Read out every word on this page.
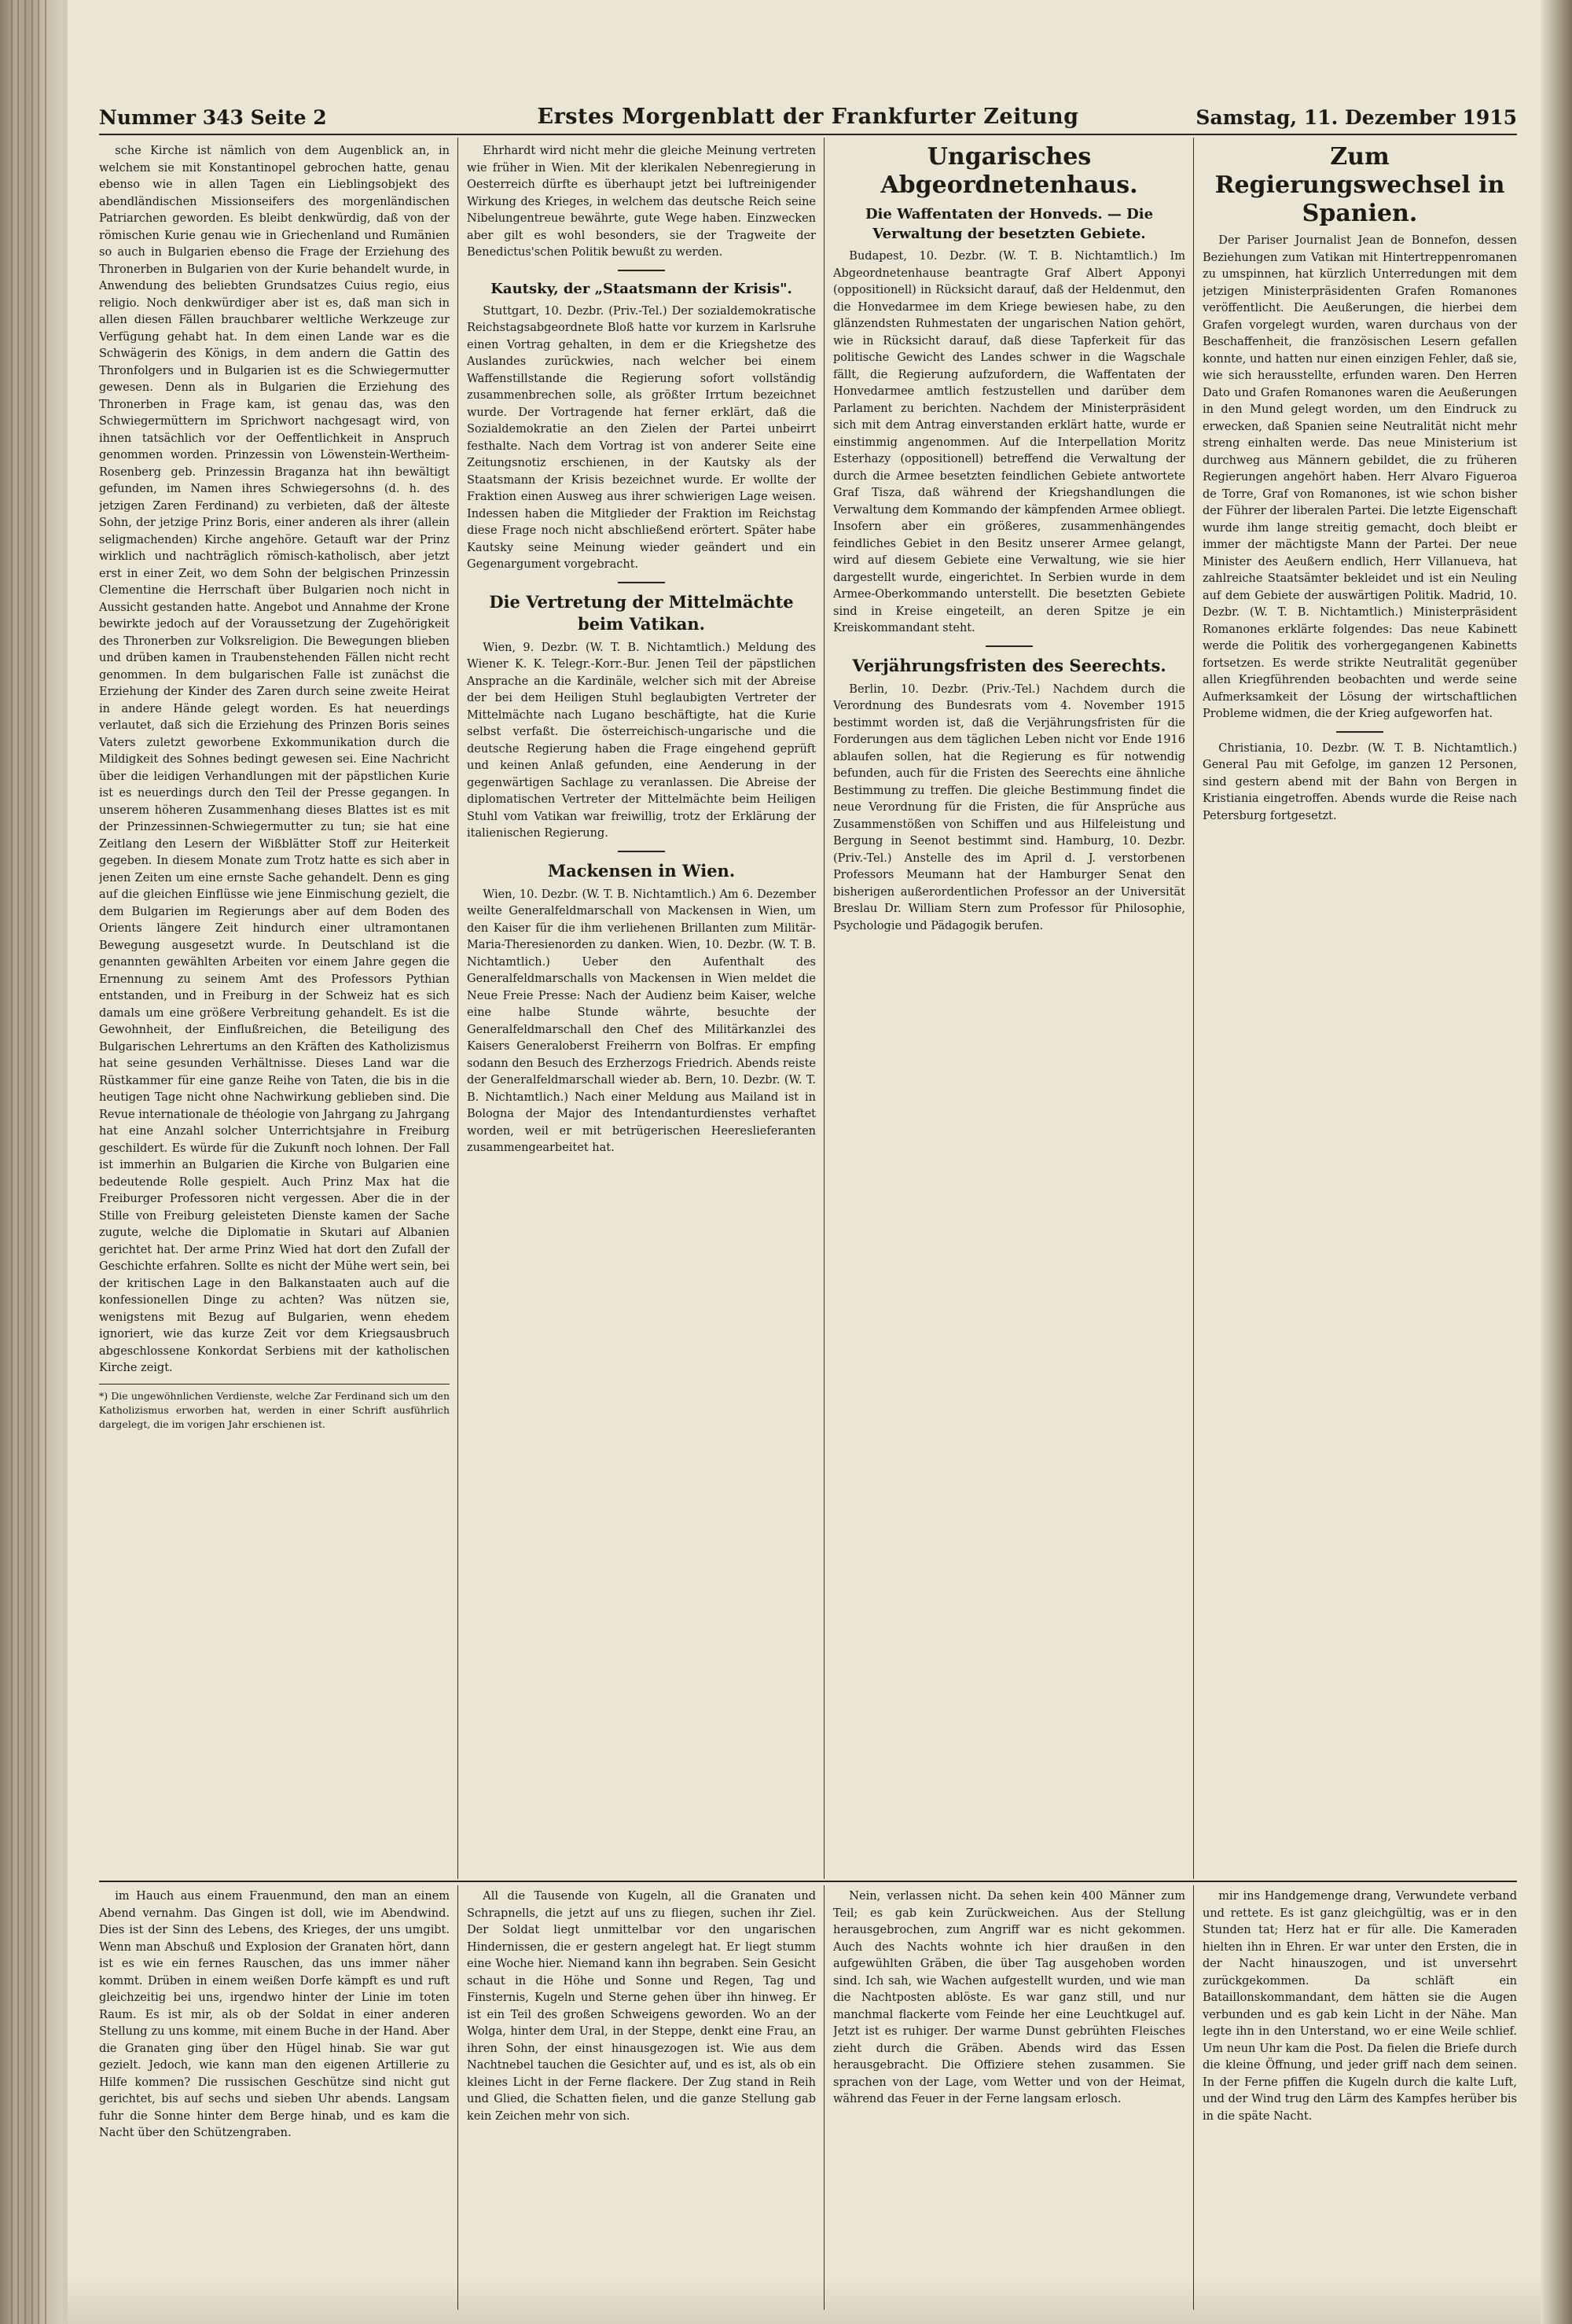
Nummer 343 Seite 2	Erstes Morgenblatt der Frankfurter Zeitung	Samstag, 11. Dezember 1915

sche Kirche ist nämlich von dem Augenblick an, in welchem sie mit Konstantinopel gebrochen hatte, genau ebenso wie in allen Tagen ein Lieblingsobjekt des abendländischen Missionseifers des morgenländischen Patriarchen geworden. Es bleibt denkwürdig, daß von der römischen Kurie genau wie in Griechenland und Rumänien so auch in Bulgarien ebenso die Frage der Erziehung des Thronerben in Bulgarien von der Kurie behandelt wurde, in Anwendung des beliebten Grundsatzes Cuius regio, eius religio. Noch denkwürdiger aber ist es, daß man sich in allen diesen Fällen brauchbarer weltliche Werkzeuge zur Verfügung gehabt hat. In dem einen Lande war es die Schwägerin des Königs, in dem andern die Gattin des Thronfolgers und in Bulgarien ist es die Schwiegermutter gewesen. Denn als in Bulgarien die Erziehung des Thronerben in Frage kam, ist genau das, was den Schwiegermüttern im Sprichwort nachgesagt wird, von ihnen tatsächlich vor der Oeffentlichkeit in Anspruch genommen worden. Prinzessin von Löwenstein-Wertheim-Rosenberg geb. Prinzessin Braganza hat ihn bewältigt gefunden, im Namen ihres Schwiegersohns (d. h. des jetzigen Zaren Ferdinand) zu verbieten, daß der älteste Sohn, der jetzige Prinz Boris, einer anderen als ihrer (allein seligmachenden) Kirche angehöre. Getauft war der Prinz wirklich und nachträglich römisch-katholisch, aber jetzt erst in einer Zeit, wo dem Sohn der belgischen Prinzessin Clementine die Herrschaft über Bulgarien noch nicht in Aussicht gestanden hatte. Angebot und Annahme der Krone bewirkte jedoch auf der Voraussetzung der Zugehörigkeit des Thronerben zur Volksreligion. Die Bewegungen blieben und drüben kamen in Traubenstehenden Fällen nicht recht genommen. In dem bulgarischen Falle ist zunächst die Erziehung der Kinder des Zaren durch seine zweite Heirat in andere Hände gelegt worden. Es hat neuerdings verlautet, daß sich die Erziehung des Prinzen Boris seines Vaters zuletzt geworbene Exkommunikation durch die Mildigkeit des Sohnes bedingt gewesen sei. Eine Nachricht über die leidigen Verhandlungen mit der päpstlichen Kurie ist es neuerdings durch den Teil der Presse gegangen. In unserem höheren Zusammenhang dieses Blattes ist es mit der Prinzessinnen-Schwiegermutter zu tun; sie hat eine Zeitlang den Lesern der Wißblätter Stoff zur Heiterkeit gegeben. In diesem Monate zum Trotz hatte es sich aber in jenen Zeiten um eine ernste Sache gehandelt. Denn es ging auf die gleichen Einflüsse wie jene Einmischung gezielt, die dem Bulgarien im Regierungs aber auf dem Boden des Orients längere Zeit hindurch einer ultramontanen Bewegung ausgesetzt wurde. In Deutschland ist die genannten gewählten Arbeiten vor einem Jahre gegen die Ernennung zu seinem Amt des Professors Pythian entstanden, und in Freiburg in der Schweiz hat es sich damals um eine größere Verbreitung gehandelt. Es ist die Gewohnheit, der Einflußreichen, die Beteiligung des Bulgarischen Lehrertums an den Kräften des Katholizismus hat seine gesunden Verhältnisse. Dieses Land war die Rüstkammer für eine ganze Reihe von Taten, die bis in die heutigen Tage nicht ohne Nachwirkung geblieben sind. Die Revue internationale de théologie von Jahrgang zu Jahrgang hat eine Anzahl solcher Unterrichtsjahre in Freiburg geschildert. Es würde für die Zukunft noch lohnen. Der Fall ist immerhin an Bulgarien die Kirche von Bulgarien eine bedeutende Rolle gespielt. Auch Prinz Max hat die Freiburger Professoren nicht vergessen. Aber die in der Stille von Freiburg geleisteten Dienste kamen der Sache zugute, welche die Diplomatie in Skutari auf Albanien gerichtet hat. Der arme Prinz Wied hat dort den Zufall der Geschichte erfahren. Sollte es nicht der Mühe wert sein, bei der kritischen Lage in den Balkanstaaten auch auf die konfessionellen Dinge zu achten? Was nützen sie, wenigstens mit Bezug auf Bulgarien, wenn ehedem ignoriert, wie das kurze Zeit vor dem Kriegsausbruch abgeschlossene Konkordat Serbiens mit der katholischen Kirche zeigt.

*) Die ungewöhnlichen Verdienste, welche Zar Ferdinand sich um den Katholizismus erworben hat, werden in einer Schrift ausführlich dargelegt, die im vorigen Jahr erschienen ist.

Ehrhardt wird nicht mehr die gleiche Meinung vertreten wie früher in Wien. Mit der klerikalen Nebenregierung in Oesterreich dürfte es überhaupt jetzt bei luftreinigender Wirkung des Krieges, in welchem das deutsche Reich seine Nibelungentreue bewährte, gute Wege haben. Einzwecken aber gilt es wohl besonders, sie der Tragweite der Benedictus'schen Politik bewußt zu werden.

Kautsky, der „Staatsmann der Krisis".

Stuttgart, 10. Dezbr. (Priv.-Tel.) Der sozialdemokratische Reichstagsabgeordnete Bloß hatte vor kurzem in Karlsruhe einen Vortrag gehalten, in dem er die Kriegshetze des Auslandes zurückwies, nach welcher bei einem Waffenstillstande die Regierung sofort vollständig zusammenbrechen solle, als größter Irrtum bezeichnet wurde. Der Vortragende hat ferner erklärt, daß die Sozialdemokratie an den Zielen der Partei unbeirrt festhalte. Nach dem Vortrag ist von anderer Seite eine Zeitungsnotiz erschienen, in der Kautsky als der Staatsmann der Krisis bezeichnet wurde. Er wollte der Fraktion einen Ausweg aus ihrer schwierigen Lage weisen. Indessen haben die Mitglieder der Fraktion im Reichstag diese Frage noch nicht abschließend erörtert. Später habe Kautsky seine Meinung wieder geändert und ein Gegenargument vorgebracht.

Die Vertretung der Mittelmächte beim Vatikan.

Wien, 9. Dezbr. (W. T. B. Nichtamtlich.) Meldung des Wiener K. K. Telegr.-Korr.-Bur. Jenen Teil der päpstlichen Ansprache an die Kardinäle, welcher sich mit der Abreise der bei dem Heiligen Stuhl beglaubigten Vertreter der Mittelmächte nach Lugano beschäftigte, hat die Kurie selbst verfaßt. Die österreichisch-ungarische und die deutsche Regierung haben die Frage eingehend geprüft und keinen Anlaß gefunden, eine Aenderung in der gegenwärtigen Sachlage zu veranlassen. Die Abreise der diplomatischen Vertreter der Mittelmächte beim Heiligen Stuhl vom Vatikan war freiwillig, trotz der Erklärung der italienischen Regierung.

Mackensen in Wien.

Wien, 10. Dezbr. (W. T. B. Nichtamtlich.) Am 6. Dezember weilte Generalfeldmarschall von Mackensen in Wien, um den Kaiser für die ihm verliehenen Brillanten zum Militär-Maria-Theresienorden zu danken. Wien, 10. Dezbr. (W. T. B. Nichtamtlich.) Ueber den Aufenthalt des Generalfeldmarschalls von Mackensen in Wien meldet die Neue Freie Presse: Nach der Audienz beim Kaiser, welche eine halbe Stunde währte, besuchte der Generalfeldmarschall den Chef des Militärkanzlei des Kaisers Generaloberst Freiherrn von Bolfras. Er empfing sodann den Besuch des Erzherzogs Friedrich. Abends reiste der Generalfeldmarschall wieder ab. Bern, 10. Dezbr. (W. T. B. Nichtamtlich.) Nach einer Meldung aus Mailand ist in Bologna der Major des Intendanturdienstes verhaftet worden, weil er mit betrügerischen Heereslieferanten zusammengearbeitet hat.

Ungarisches Abgeordnetenhaus.
Die Waffentaten der Honveds. — Die Verwaltung der besetzten Gebiete.

Budapest, 10. Dezbr. (W. T. B. Nichtamtlich.) Im Abgeordnetenhause beantragte Graf Albert Apponyi (oppositionell) in Rücksicht darauf, daß der Heldenmut, den die Honvedarmee im dem Kriege bewiesen habe, zu den glänzendsten Ruhmestaten der ungarischen Nation gehört, wie in Rücksicht darauf, daß diese Tapferkeit für das politische Gewicht des Landes schwer in die Wagschale fällt, die Regierung aufzufordern, die Waffentaten der Honvedarmee amtlich festzustellen und darüber dem Parlament zu berichten. Nachdem der Ministerpräsident sich mit dem Antrag einverstanden erklärt hatte, wurde er einstimmig angenommen. Auf die Interpellation Moritz Esterhazy (oppositionell) betreffend die Verwaltung der durch die Armee besetzten feindlichen Gebiete antwortete Graf Tisza, daß während der Kriegshandlungen die Verwaltung dem Kommando der kämpfenden Armee obliegt. Insofern aber ein größeres, zusammenhängendes feindliches Gebiet in den Besitz unserer Armee gelangt, wird auf diesem Gebiete eine Verwaltung, wie sie hier dargestellt wurde, eingerichtet. In Serbien wurde in dem Armee-Oberkommando unterstellt. Die besetzten Gebiete sind in Kreise eingeteilt, an deren Spitze je ein Kreiskommandant steht.

Verjährungsfristen des Seerechts.

Berlin, 10. Dezbr. (Priv.-Tel.) Nachdem durch die Verordnung des Bundesrats vom 4. November 1915 bestimmt worden ist, daß die Verjährungsfristen für die Forderungen aus dem täglichen Leben nicht vor Ende 1916 ablaufen sollen, hat die Regierung es für notwendig befunden, auch für die Fristen des Seerechts eine ähnliche Bestimmung zu treffen. Die gleiche Bestimmung findet die neue Verordnung für die Fristen, die für Ansprüche aus Zusammenstößen von Schiffen und aus Hilfeleistung und Bergung in Seenot bestimmt sind. Hamburg, 10. Dezbr. (Priv.-Tel.) Anstelle des im April d. J. verstorbenen Professors Meumann hat der Hamburger Senat den bisherigen außerordentlichen Professor an der Universität Breslau Dr. William Stern zum Professor für Philosophie, Psychologie und Pädagogik berufen.

Zum Regierungswechsel in Spanien.

Der Pariser Journalist Jean de Bonnefon, dessen Beziehungen zum Vatikan mit Hintertreppenromanen zu umspinnen, hat kürzlich Unterredungen mit dem jetzigen Ministerpräsidenten Grafen Romanones veröffentlicht. Die Aeußerungen, die hierbei dem Grafen vorgelegt wurden, waren durchaus von der Beschaffenheit, die französischen Lesern gefallen konnte, und hatten nur einen einzigen Fehler, daß sie, wie sich herausstellte, erfunden waren. Den Herren Dato und Grafen Romanones waren die Aeußerungen in den Mund gelegt worden, um den Eindruck zu erwecken, daß Spanien seine Neutralität nicht mehr streng einhalten werde. Das neue Ministerium ist durchweg aus Männern gebildet, die zu früheren Regierungen angehört haben. Herr Alvaro Figueroa de Torre, Graf von Romanones, ist wie schon bisher der Führer der liberalen Partei. Die letzte Eigenschaft wurde ihm lange streitig gemacht, doch bleibt er immer der mächtigste Mann der Partei. Der neue Minister des Aeußern endlich, Herr Villanueva, hat zahlreiche Staatsämter bekleidet und ist ein Neuling auf dem Gebiete der auswärtigen Politik. Madrid, 10. Dezbr. (W. T. B. Nichtamtlich.) Ministerpräsident Romanones erklärte folgendes: Das neue Kabinett werde die Politik des vorhergegangenen Kabinetts fortsetzen. Es werde strikte Neutralität gegenüber allen Kriegführenden beobachten und werde seine Aufmerksamkeit der Lösung der wirtschaftlichen Probleme widmen, die der Krieg aufgeworfen hat.

Christiania, 10. Dezbr. (W. T. B. Nichtamtlich.) General Pau mit Gefolge, im ganzen 12 Personen, sind gestern abend mit der Bahn von Bergen in Kristiania eingetroffen. Abends wurde die Reise nach Petersburg fortgesetzt.

im Hauch aus einem Frauenmund, den man an einem Abend vernahm. Das Gingen ist doll, wie im Abendwind. Dies ist der Sinn des Lebens, des Krieges, der uns umgibt. Wenn man Abschuß und Explosion der Granaten hört, dann ist es wie ein fernes Rauschen, das uns immer näher kommt. Drüben in einem weißen Dorfe kämpft es und ruft gleichzeitig bei uns, irgendwo hinter der Linie im toten Raum. Es ist mir, als ob der Soldat in einer anderen Stellung zu uns komme, mit einem Buche in der Hand. Aber die Granaten ging über den Hügel hinab. Sie war gut gezielt. Jedoch, wie kann man den eigenen Artillerie zu Hilfe kommen? Die russischen Geschütze sind nicht gut gerichtet, bis auf sechs und sieben Uhr abends. Langsam fuhr die Sonne hinter dem Berge hinab, und es kam die Nacht über den Schützengraben.

All die Tausende von Kugeln, all die Granaten und Schrapnells, die jetzt auf uns zu fliegen, suchen ihr Ziel. Der Soldat liegt unmittelbar vor den ungarischen Hindernissen, die er gestern angelegt hat. Er liegt stumm eine Woche hier. Niemand kann ihn begraben. Sein Gesicht schaut in die Höhe und Sonne und Regen, Tag und Finsternis, Kugeln und Sterne gehen über ihn hinweg. Er ist ein Teil des großen Schweigens geworden. Wo an der Wolga, hinter dem Ural, in der Steppe, denkt eine Frau, an ihren Sohn, der einst hinausgezogen ist. Wie aus dem Nachtnebel tauchen die Gesichter auf, und es ist, als ob ein kleines Licht in der Ferne flackere. Der Zug stand in Reih und Glied, die Schatten fielen, und die ganze Stellung gab kein Zeichen mehr von sich.

Nein, verlassen nicht. Da sehen kein 400 Männer zum Teil; es gab kein Zurückweichen. Aus der Stellung herausgebrochen, zum Angriff war es nicht gekommen. Auch des Nachts wohnte ich hier draußen in den aufgewühlten Gräben, die über Tag ausgehoben worden sind. Ich sah, wie Wachen aufgestellt wurden, und wie man die Nachtposten ablöste. Es war ganz still, und nur manchmal flackerte vom Feinde her eine Leuchtkugel auf. Jetzt ist es ruhiger. Der warme Dunst gebrühten Fleisches zieht durch die Gräben. Abends wird das Essen herausgebracht. Die Offiziere stehen zusammen. Sie sprachen von der Lage, vom Wetter und von der Heimat, während das Feuer in der Ferne langsam erlosch.

mir ins Handgemenge drang, Verwundete verband und rettete. Es ist ganz gleichgültig, was er in den Stunden tat; Herz hat er für alle. Die Kameraden hielten ihn in Ehren. Er war unter den Ersten, die in der Nacht hinauszogen, und ist unversehrt zurückgekommen. Da schläft ein Bataillonskommandant, dem hätten sie die Augen verbunden und es gab kein Licht in der Nähe. Man legte ihn in den Unterstand, wo er eine Weile schlief. Um neun Uhr kam die Post. Da fielen die Briefe durch die kleine Öffnung, und jeder griff nach dem seinen. In der Ferne pfiffen die Kugeln durch die kalte Luft, und der Wind trug den Lärm des Kampfes herüber bis in die späte Nacht.
